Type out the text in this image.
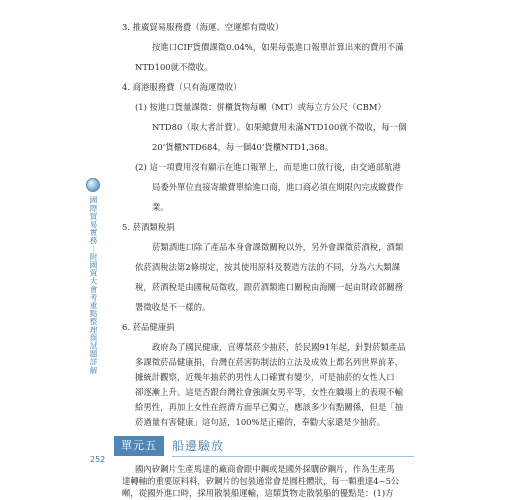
國際貿易實務︱附國貿大會考重點整理與試題詳解
252
3. 推廣貿易服務費（海運、空運都有徵收）
按進口CIF貨價課徵0.04%，如果每張進口報單計算出來的費用不滿
NTD100就不徵收。
4. 商港服務費（只有海運徵收）
(1) 按進口貨量課徵：併櫃貨物每噸（MT）或每立方公尺（CBM）
NTD80（取大者計費）。如果總費用未滿NTD100就不徵收，每一個
20’貨櫃NTD684，每一個40’貨櫃NTD1,368。
(2) 這一項費用沒有顯示在進口報單上，而是進口放行後，由交通部航港
局委外單位直接寄繳費單給進口商，進口商必須在期限內完成繳費作
業。
5. 菸酒類稅捐
菸類酒進口除了產品本身會課徵關稅以外，另外會課徵菸酒稅，酒類
依菸酒稅法第2條規定，按其使用原料及製造方法的不同，分為六大類課
稅，菸酒稅是由國稅局徵收，跟菸酒類進口關稅由海關一起由財政部關務
署徵收是不一樣的。
6. 菸品健康捐
政府為了國民健康，宣導禁菸少抽菸，於民國91年起，針對菸類產品
多課徵菸品健康捐，台灣在菸害防制法的立法及成效上都名列世界前茅，
據統計觀察，近幾年抽菸的男性人口確實有變少，可是抽菸的女性人口
卻逐漸上升。這是否跟台灣社會強調女男平等，女性在職場上的表現不輸
給男性，再加上女性在經濟方面早已獨立，應該多少有點關係，但是「抽
菸過量有害健康」這句話，100%是正確的，奉勸大家還是少抽菸。
單元五	船邊驗放
國內矽鋼片生產馬達的廠商會跟中鋼或是國外採購矽鋼片，作為生產馬
達轉軸的重要原料料，矽鋼片的包裝通常會是圓柱體狀，每一顆重達4~5公
噸，從國外進口時，採用散裝船運輸，這類貨物走散裝船的優點是：(1)方
